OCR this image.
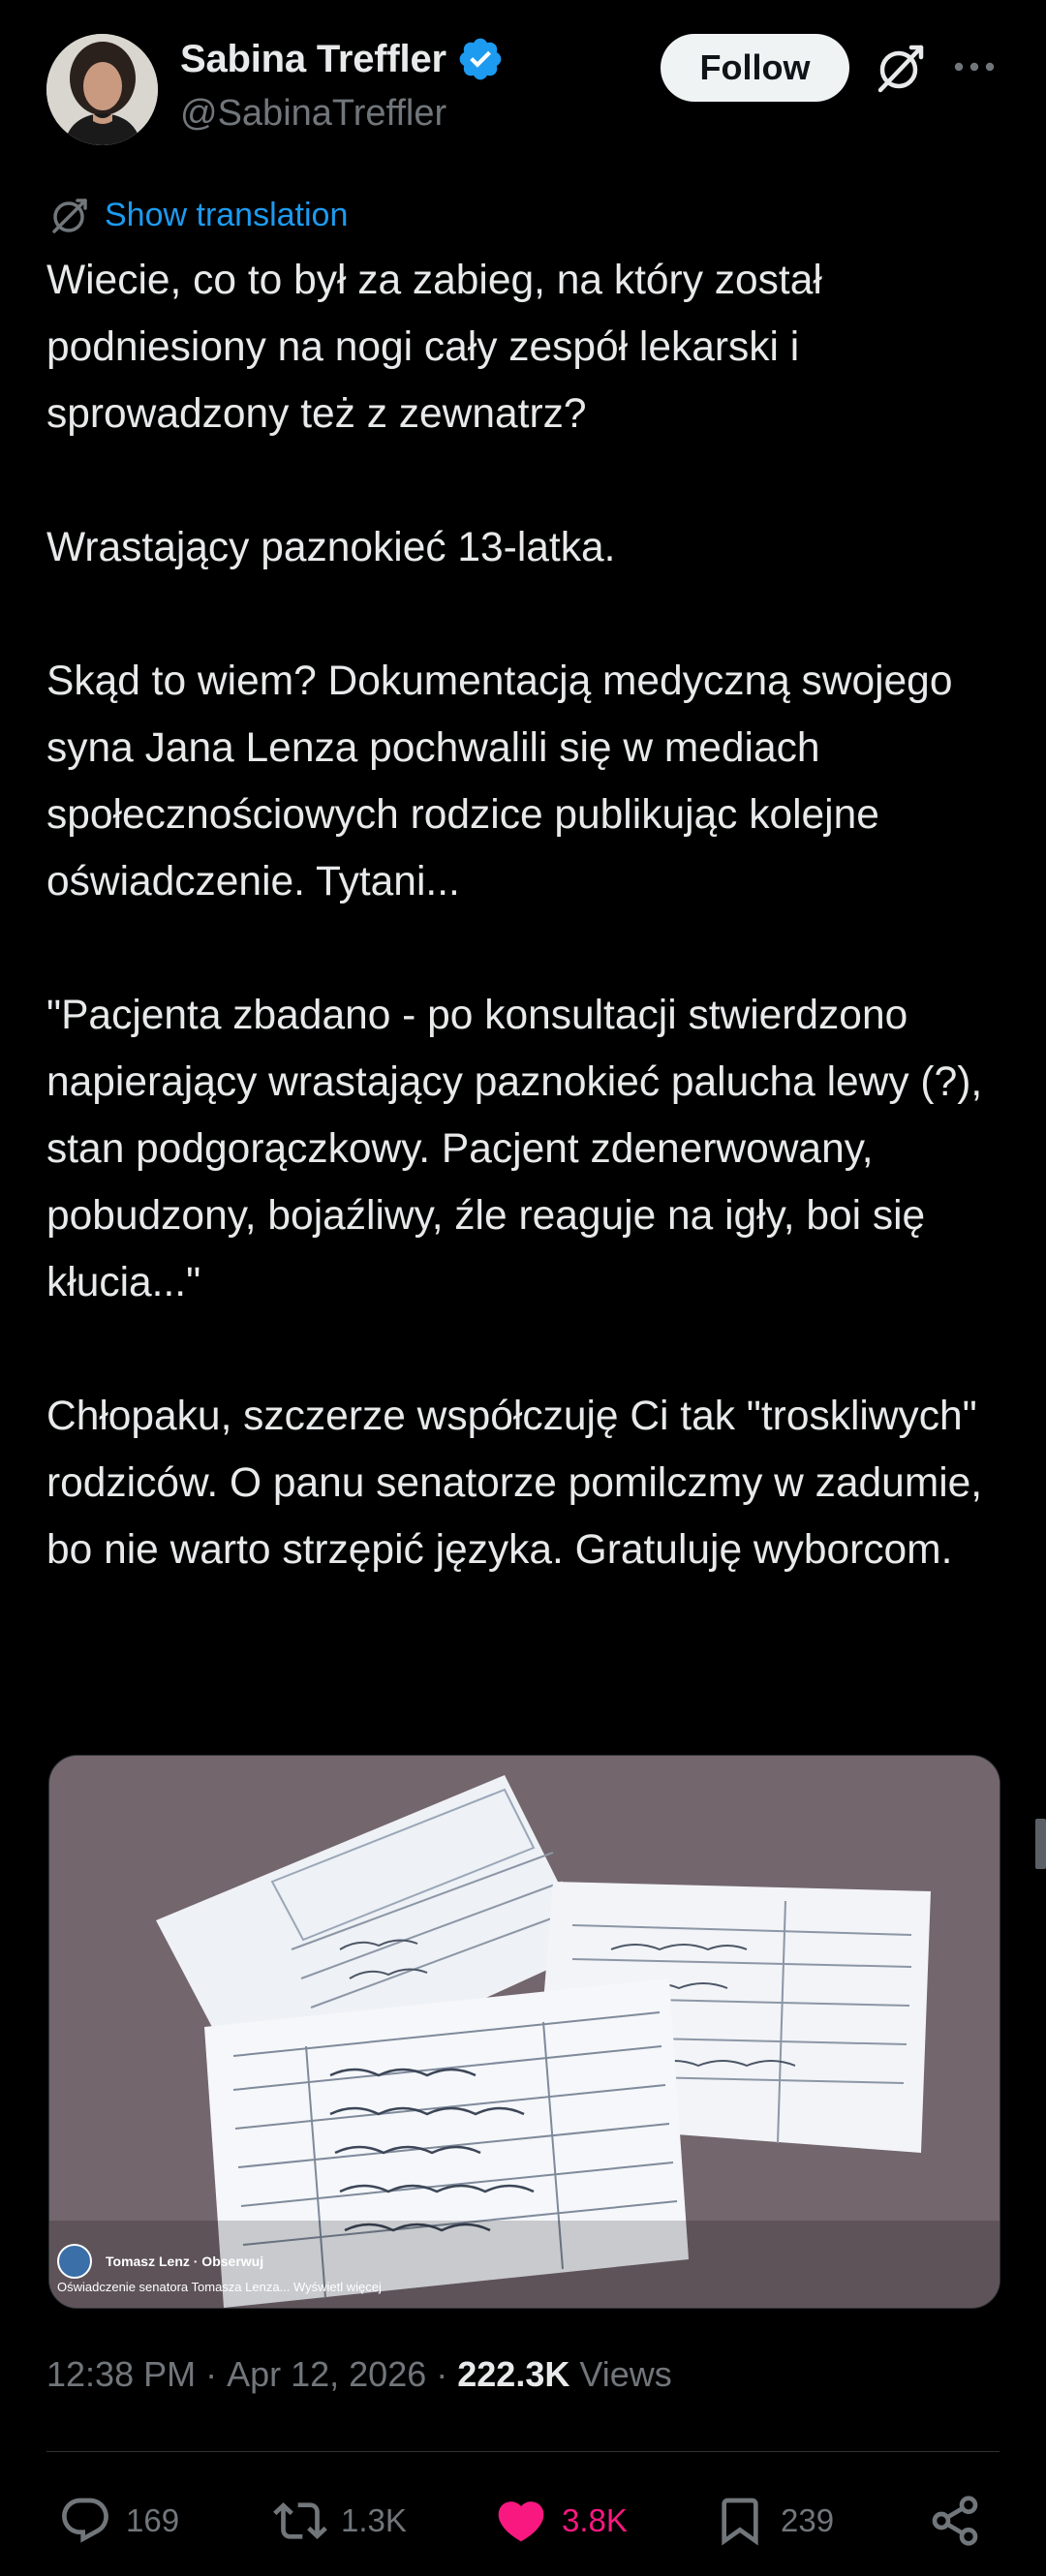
Sabina Treffler
@SabinaTreffler
Follow
Show translation

Wiecie, co to był za zabieg, na który został podniesiony na nogi cały zespół lekarski i sprowadzony też z zewnatrz?

Wrastający paznokieć 13-latka.

Skąd to wiem? Dokumentacją medyczną swojego syna Jana Lenza pochwalili się w mediach społecznościowych rodzice publikując kolejne oświadczenie. Tytani...

"Pacjenta zbadano - po konsultacji stwierdzono napierający wrastający paznokieć palucha lewy (?), stan podgorączkowy. Pacjent zdenerwowany, pobudzony, bojaźliwy, źle reaguje na igły, boi się kłucia..."

Chłopaku, szczerze współczuję Ci tak "troskliwych" rodziców. O panu senatorze pomilczmy w zadumie, bo nie warto strzępić języka. Gratuluję wyborcom.

Tomasz Lenz · Obserwuj
Oświadczenie senatora Tomasza Lenza... Wyświetl więcej
12:38 PM · Apr 12, 2026 · 222.3K Views
169	1.3K	3.8K	239
